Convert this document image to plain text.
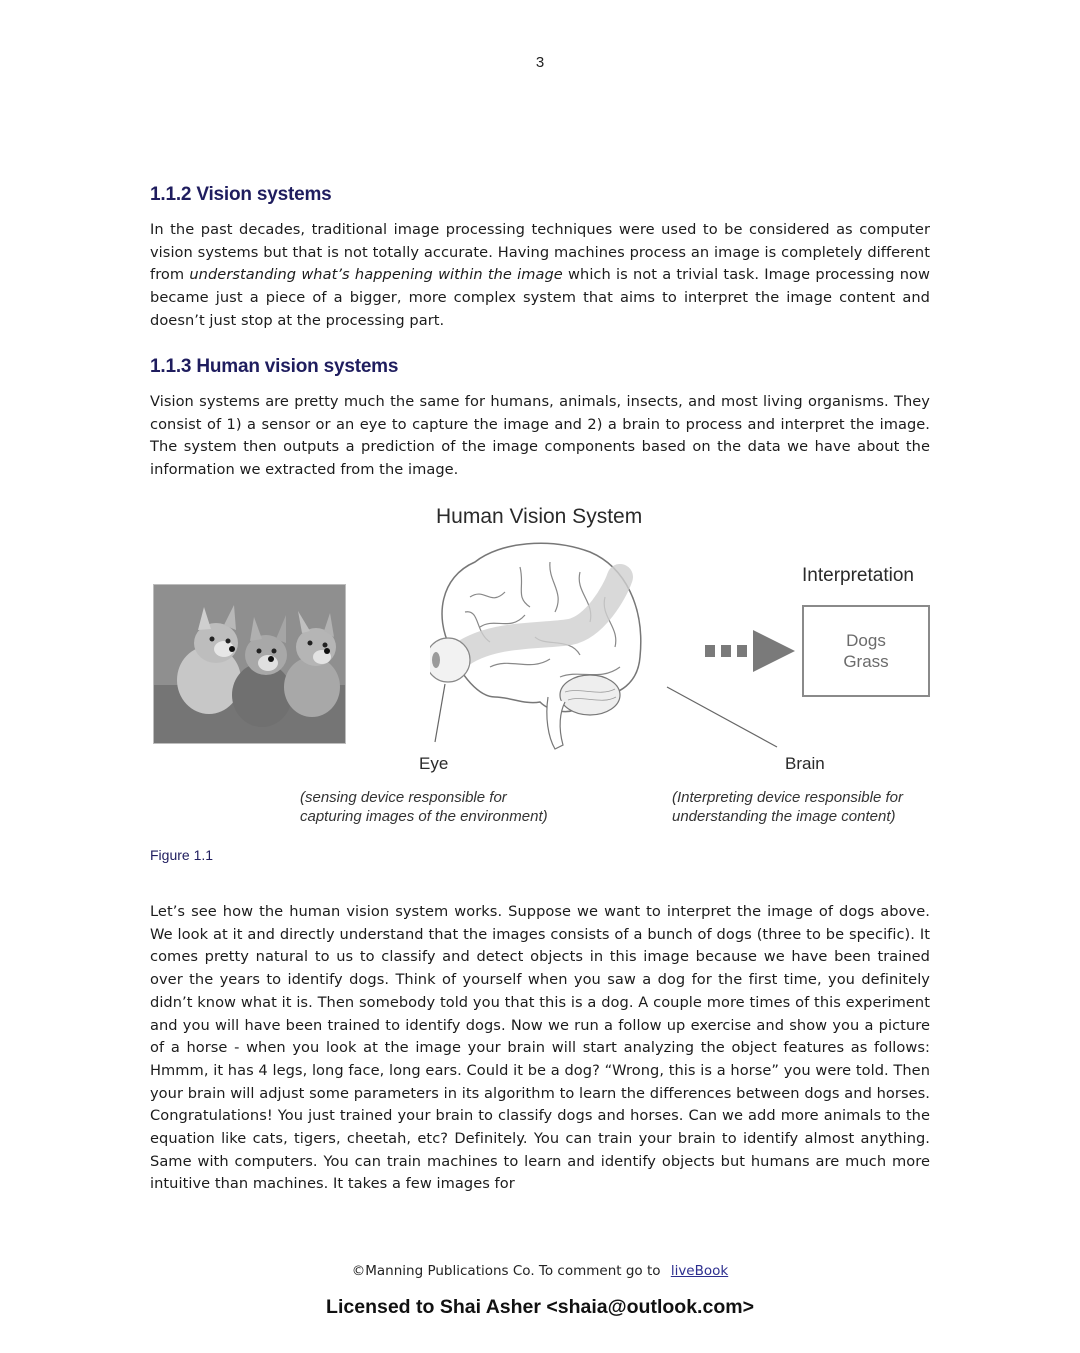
3
1.1.2 Vision systems

In the past decades, traditional image processing techniques were used to be considered as computer vision systems but that is not totally accurate. Having machines process an image is completely different from understanding what’s happening within the image which is not a trivial task. Image processing now became just a piece of a bigger, more complex system that aims to interpret the image content and doesn’t just stop at the processing part.

1.1.3 Human vision systems

Vision systems are pretty much the same for humans, animals, insects, and most living organisms. They consist of 1) a sensor or an eye to capture the image and 2) a brain to process and interpret the image. The system then outputs a prediction of the image components based on the data we have about the information we extracted from the image.

Human Vision System
Interpretation
Dogs
Grass
Eye	Brain
(sensing device responsible for
capturing images of the environment)
(Interpreting device responsible for
understanding the image content)
Figure 1.1

Let’s see how the human vision system works. Suppose we want to interpret the image of dogs above. We look at it and directly understand that the images consists of a bunch of dogs (three to be specific). It comes pretty natural to us to classify and detect objects in this image because we have been trained over the years to identify dogs. Think of yourself when you saw a dog for the first time, you definitely didn’t know what it is. Then somebody told you that this is a dog. A couple more times of this experiment and you will have been trained to identify dogs. Now we run a follow up exercise and show you a picture of a horse - when you look at the image your brain will start analyzing the object features as follows: Hmmm, it has 4 legs, long face, long ears. Could it be a dog? “Wrong, this is a horse” you were told. Then your brain will adjust some parameters in its algorithm to learn the differences between dogs and horses. Congratulations! You just trained your brain to classify dogs and horses. Can we add more animals to the equation like cats, tigers, cheetah, etc? Definitely. You can train your brain to identify almost anything. Same with computers. You can train machines to learn and identify objects but humans are much more intuitive than machines. It takes a few images for

©Manning Publications Co. To comment go to liveBook
Licensed to Shai Asher <shaia@outlook.com>
